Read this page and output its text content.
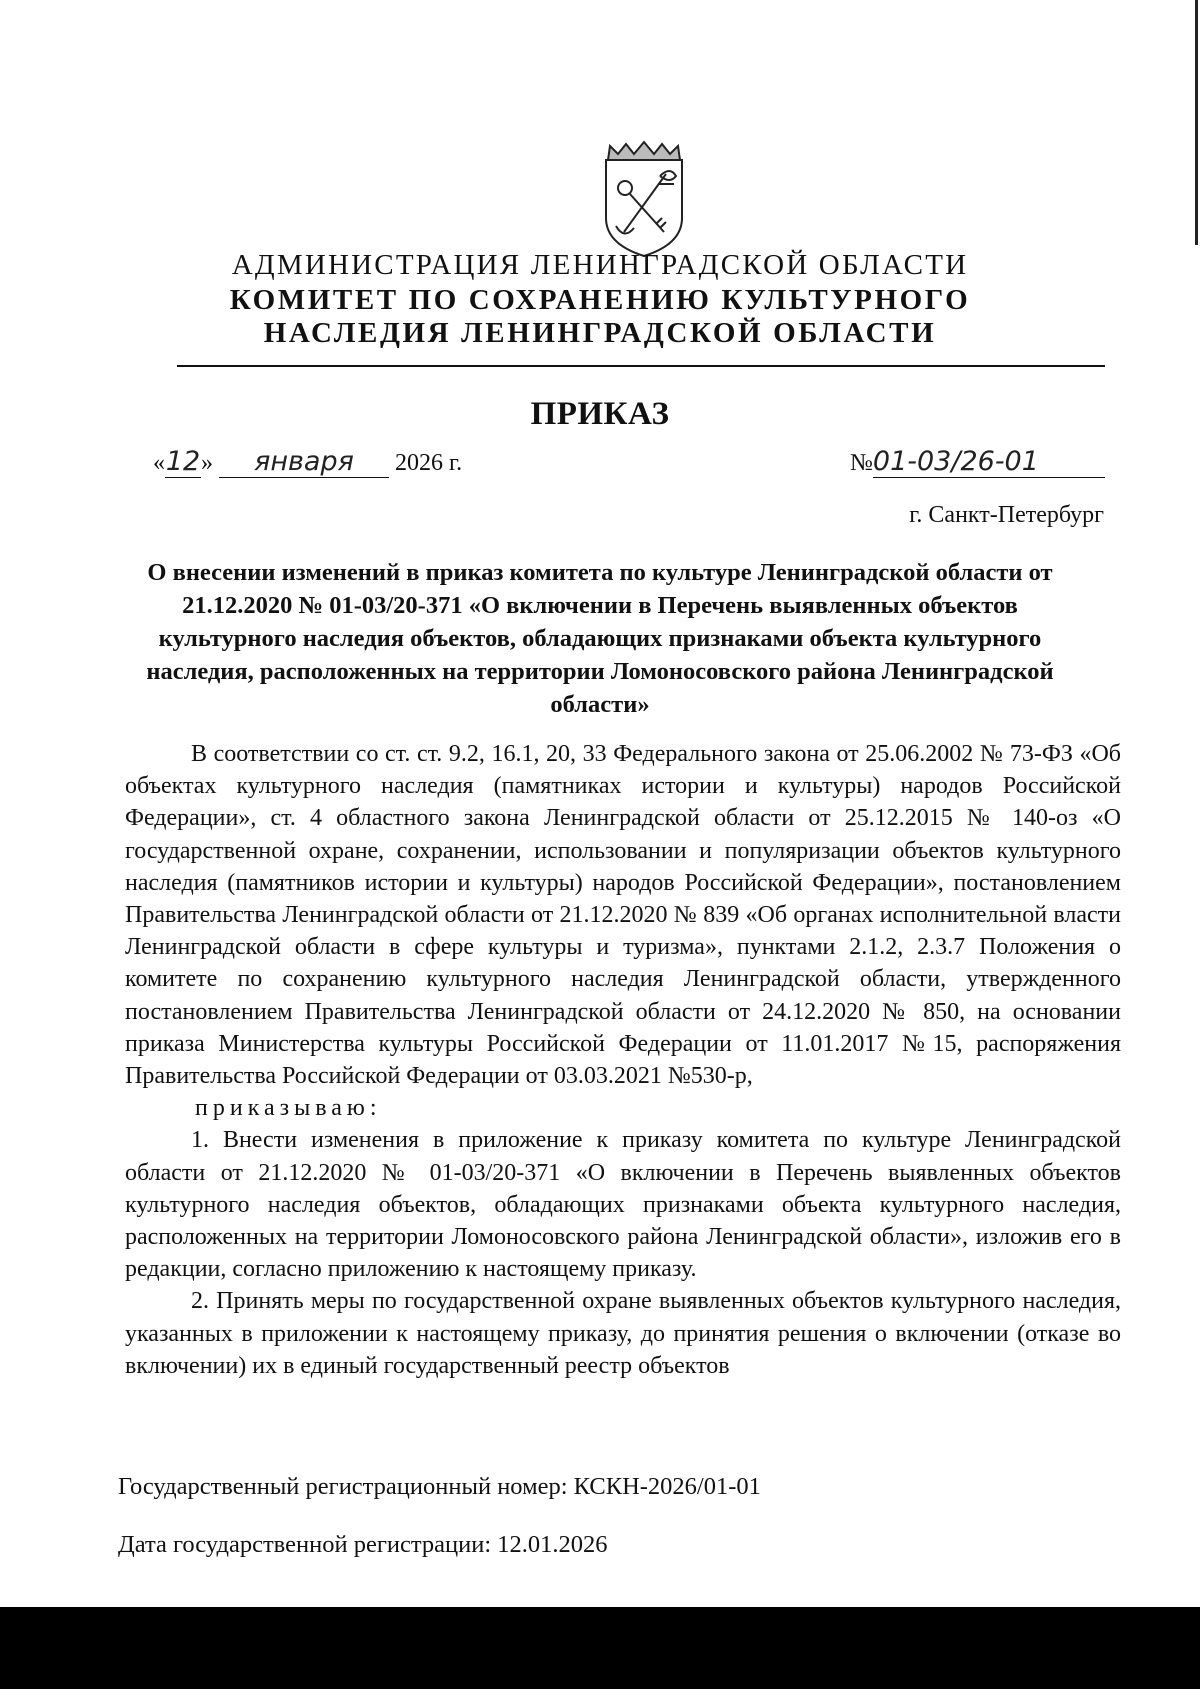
АДМИНИСТРАЦИЯ ЛЕНИНГРАДСКОЙ ОБЛАСТИ
КОМИТЕТ ПО СОХРАНЕНИЮ КУЛЬТУРНОГО
НАСЛЕДИЯ ЛЕНИНГРАДСКОЙ ОБЛАСТИ
ПРИКАЗ
«12» января 2026 г.	№01-03/26-01
г. Санкт-Петербург
О внесении изменений в приказ комитета по культуре Ленинградской области от 21.12.2020 № 01-03/20-371 «О включении в Перечень выявленных объектов культурного наследия объектов, обладающих признаками объекта культурного наследия, расположенных на территории Ломоносовского района Ленинградской области»

В соответствии со ст. ст. 9.2, 16.1, 20, 33 Федерального закона от 25.06.2002 № 73-ФЗ «Об объектах культурного наследия (памятниках истории и культуры) народов Российской Федерации», ст. 4 областного закона Ленинградской области от 25.12.2015 № 140-оз «О государственной охране, сохранении, использовании и популяризации объектов культурного наследия (памятников истории и культуры) народов Российской Федерации», постановлением Правительства Ленинградской области от 21.12.2020 № 839 «Об органах исполнительной власти Ленинградской области в сфере культуры и туризма», пунктами 2.1.2, 2.3.7 Положения о комитете по сохранению культурного наследия Ленинградской области, утвержденного постановлением Правительства Ленинградской области от 24.12.2020 № 850, на основании приказа Министерства культуры Российской Федерации от 11.01.2017 №15, распоряжения Правительства Российской Федерации от 03.03.2021 №530-р,

приказываю:

1. Внести изменения в приложение к приказу комитета по культуре Ленинградской области от 21.12.2020 № 01-03/20-371 «О включении в Перечень выявленных объектов культурного наследия объектов, обладающих признаками объекта культурного наследия, расположенных на территории Ломоносовского района Ленинградской области», изложив его в редакции, согласно приложению к настоящему приказу.

2. Принять меры по государственной охране выявленных объектов культурного наследия, указанных в приложении к настоящему приказу, до принятия решения о включении (отказе во включении) их в единый государственный реестр объектов

Государственный регистрационный номер: КСКН-2026/01-01
Дата государственной регистрации: 12.01.2026
